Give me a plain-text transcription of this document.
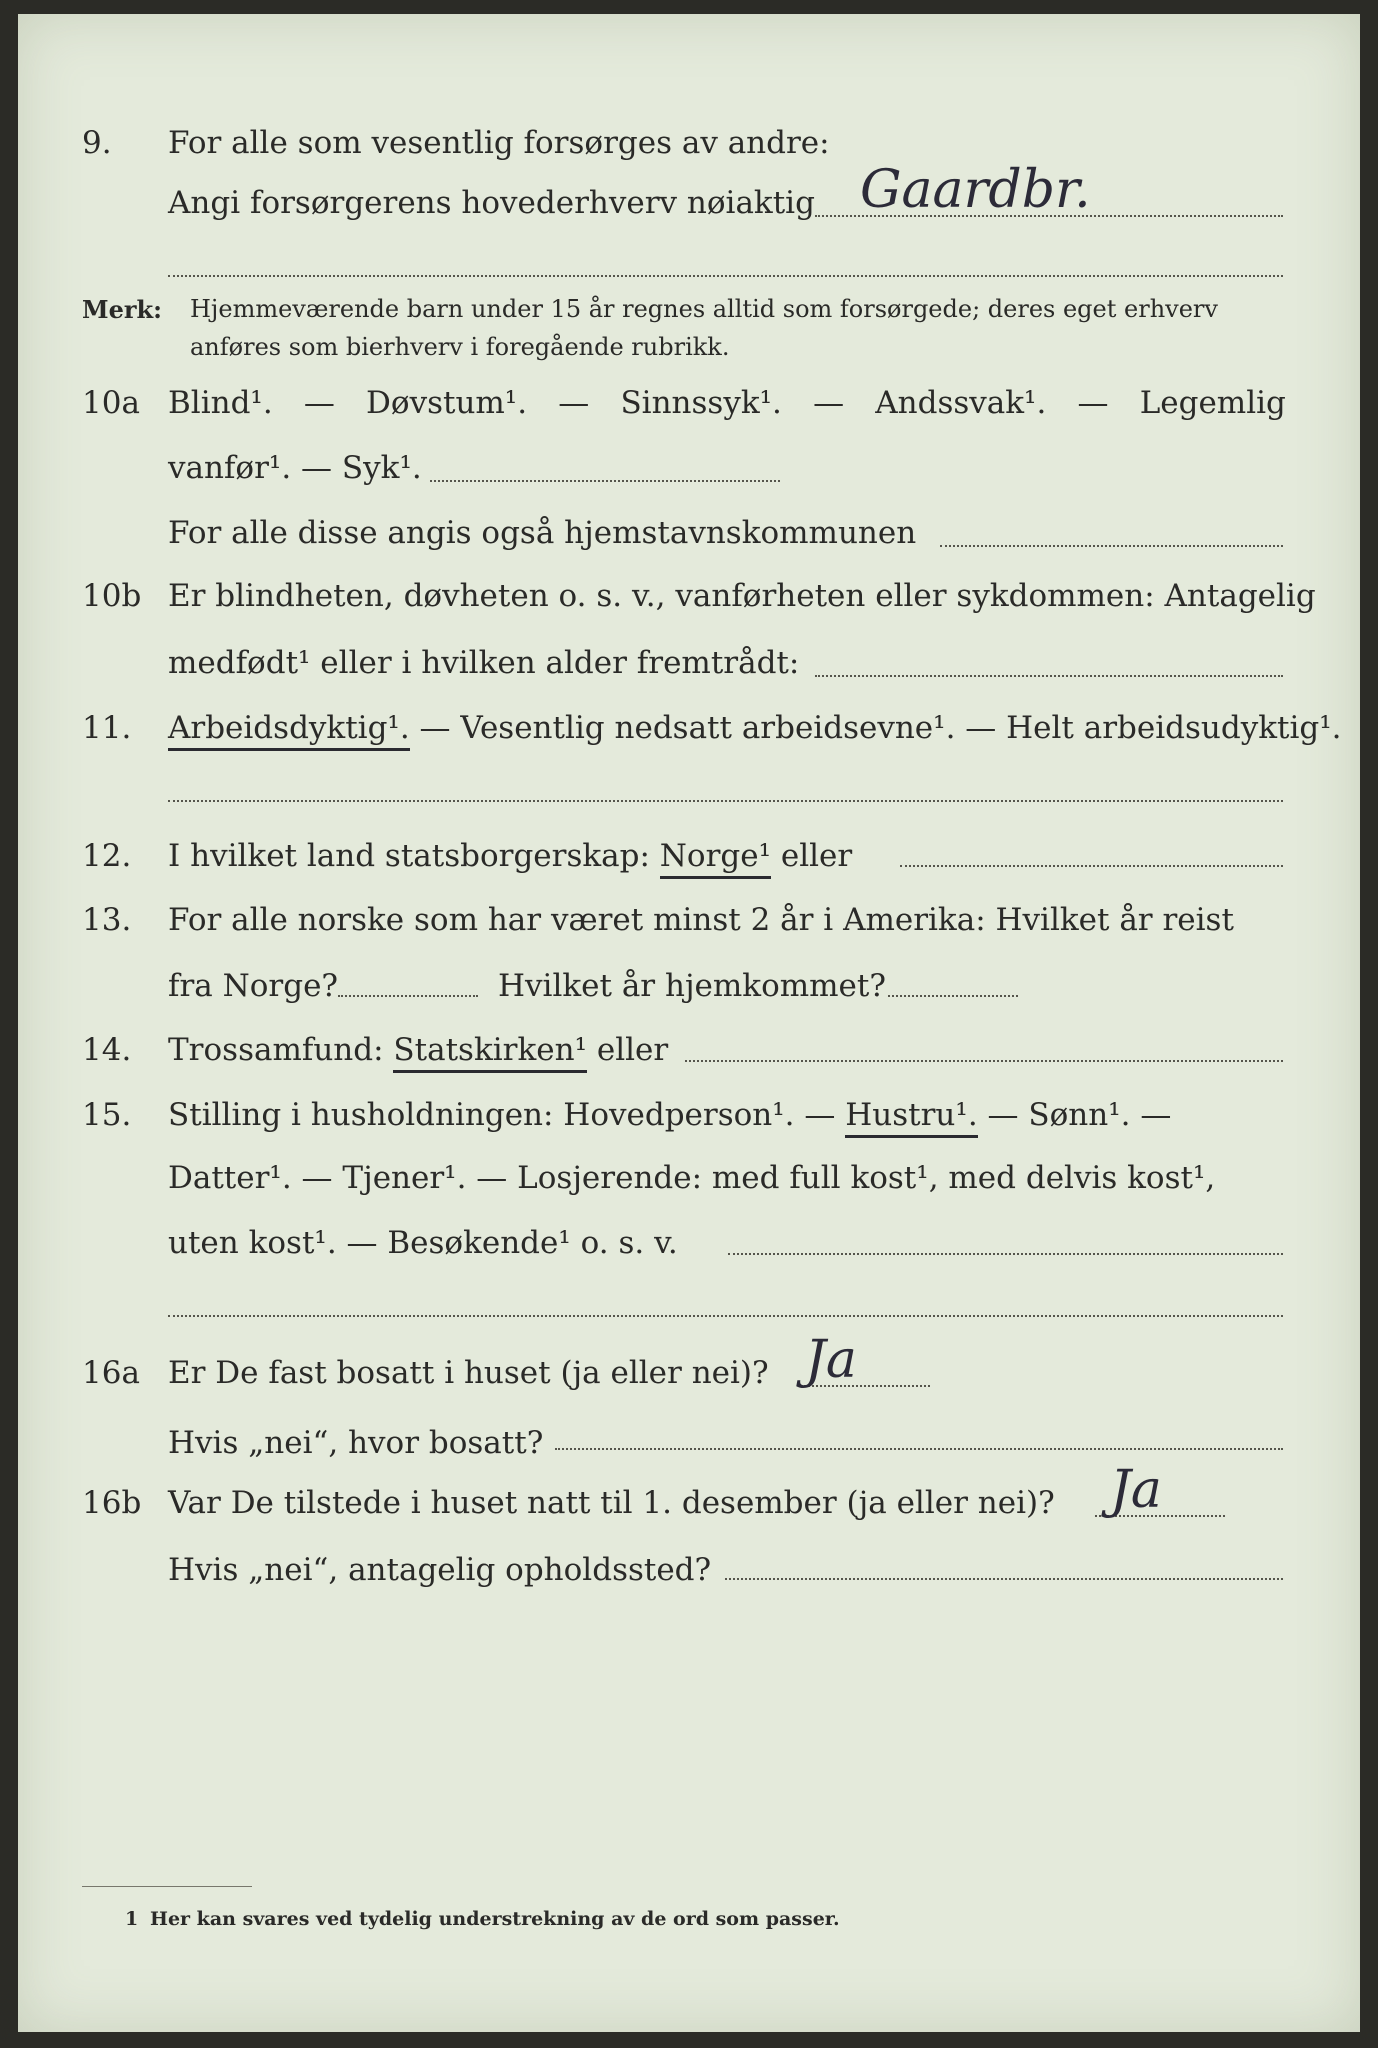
9. For alle som vesentlig forsørges av andre:
Angi forsørgerens hovederhverv nøiaktig Gaardbr.
Merk: Hjemmeværende barn under 15 år regnes alltid som forsørgede; deres eget erhverv
anføres som bierhverv i foregående rubrikk.
10a Blind¹. — Døvstum¹. — Sinnssyk¹. — Andssvak¹. — Legemlig
vanfør¹. — Syk¹.
For alle disse angis også hjemstavnskommunen
10b Er blindheten, døvheten o. s. v., vanførheten eller sykdommen: Antagelig
medfødt¹ eller i hvilken alder fremtrådt:
11. Arbeidsdyktig¹. — Vesentlig nedsatt arbeidsevne¹. — Helt arbeidsudyktig¹.
12. I hvilket land statsborgerskap: Norge¹ eller
13. For alle norske som har været minst 2 år i Amerika: Hvilket år reist
fra Norge?	Hvilket år hjemkommet?
14. Trossamfund: Statskirken¹ eller
15. Stilling i husholdningen: Hovedperson¹. — Hustru¹. — Sønn¹. —
Datter¹. — Tjener¹. — Losjerende: med full kost¹, med delvis kost¹,
uten kost¹. — Besøkende¹ o. s. v.
16a Er De fast bosatt i huset (ja eller nei)? Ja
Hvis „nei“, hvor bosatt?
16b Var De tilstede i huset natt til 1. desember (ja eller nei)? Ja
Hvis „nei“, antagelig opholdssted?
1 Her kan svares ved tydelig understrekning av de ord som passer.
